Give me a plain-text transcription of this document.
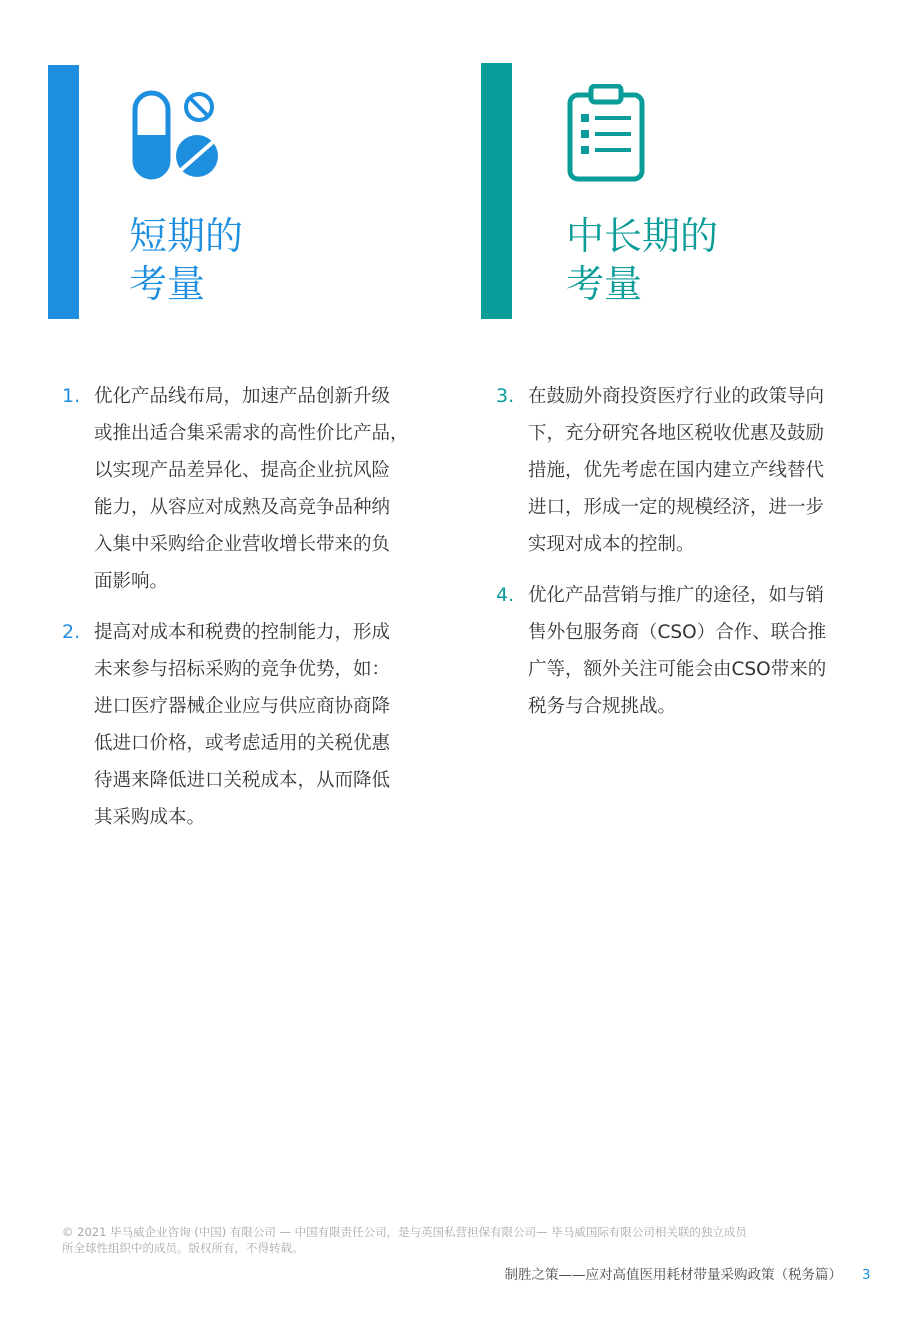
短期的
考量
1. 优化产品线布局，加速产品创新升级
或推出适合集采需求的高性价比产品，
以实现产品差异化、提高企业抗风险
能力，从容应对成熟及高竞争品种纳
入集中采购给企业营收增长带来的负
面影响。
2. 提高对成本和税费的控制能力，形成
未来参与招标采购的竞争优势，如：
进口医疗器械企业应与供应商协商降
低进口价格，或考虑适用的关税优惠
待遇来降低进口关税成本，从而降低
其采购成本。
中长期的
考量
3. 在鼓励外商投资医疗行业的政策导向
下，充分研究各地区税收优惠及鼓励
措施，优先考虑在国内建立产线替代
进口，形成一定的规模经济，进一步
实现对成本的控制。
4. 优化产品营销与推广的途径，如与销
售外包服务商（CSO）合作、联合推
广等，额外关注可能会由CSO带来的
税务与合规挑战。
© 2021 毕马威企业咨询 (中国) 有限公司 — 中国有限责任公司，是与英国私营担保有限公司— 毕马威国际有限公司相关联的独立成员
所全球性组织中的成员。版权所有，不得转载。
制胜之策——应对高值医用耗材带量采购政策（税务篇） 3
